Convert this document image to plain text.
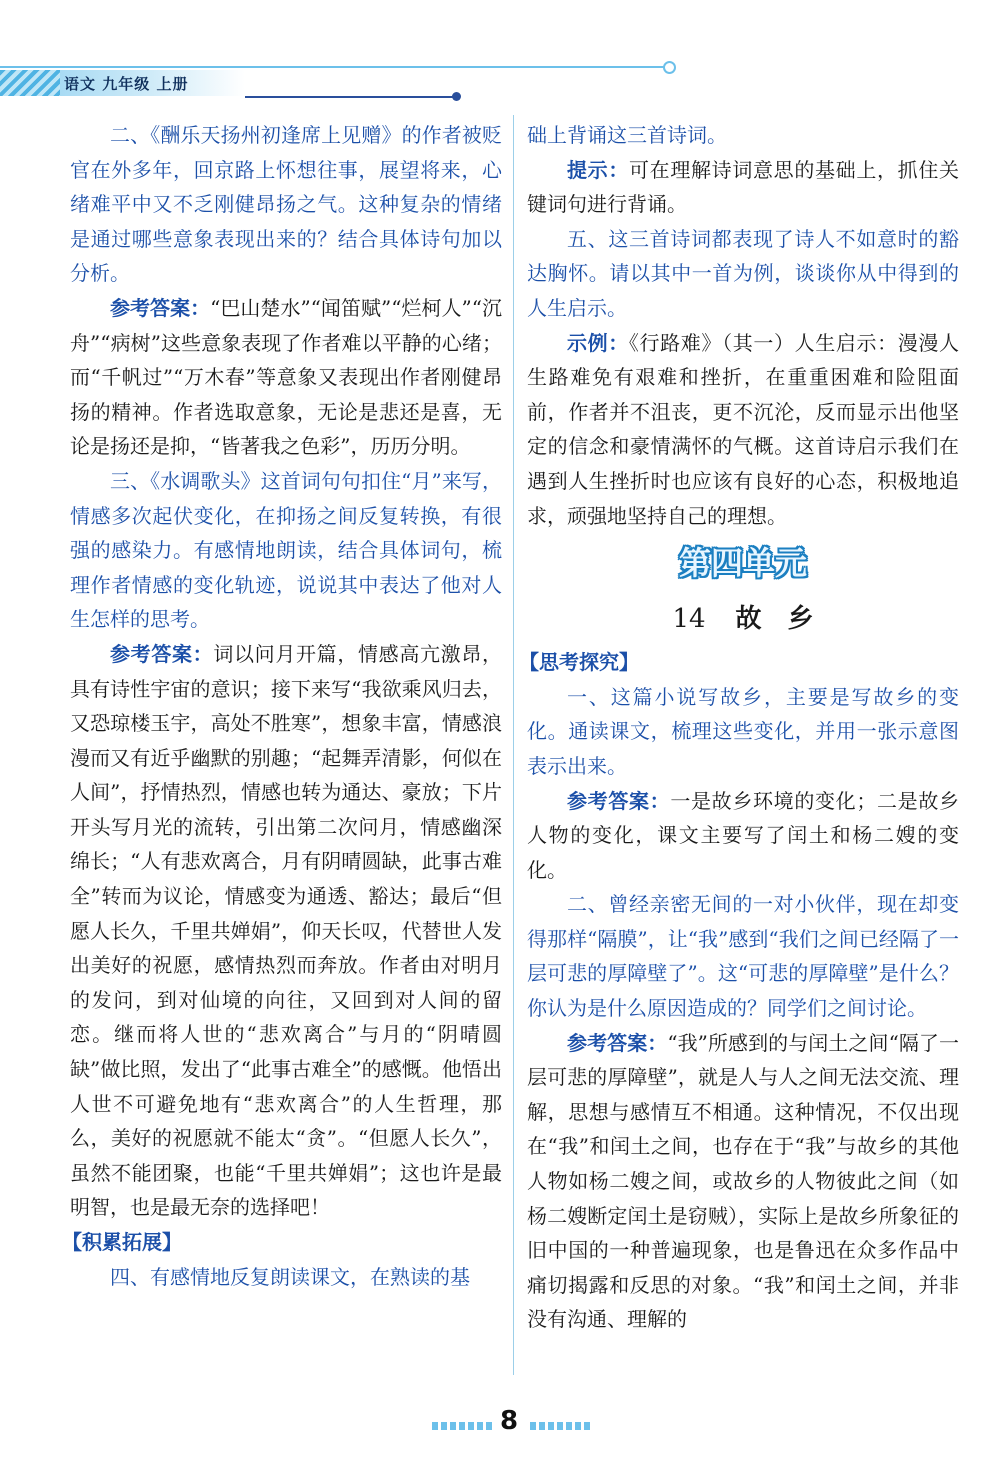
语文 九年级 上册

二、《酬乐天扬州初逢席上见赠》的作者被贬官在外多年，回京路上怀想往事，展望将来，心绪难平中又不乏刚健昂扬之气。这种复杂的情绪是通过哪些意象表现出来的？结合具体诗句加以分析。

参考答案：“巴山楚水”“闻笛赋”“烂柯人”“沉舟”“病树”这些意象表现了作者难以平静的心绪；而“千帆过”“万木春”等意象又表现出作者刚健昂扬的精神。作者选取意象，无论是悲还是喜，无论是扬还是抑，“皆著我之色彩”，历历分明。

三、《水调歌头》这首词句句扣住“月”来写，情感多次起伏变化，在抑扬之间反复转换，有很强的感染力。有感情地朗读，结合具体词句，梳理作者情感的变化轨迹，说说其中表达了他对人生怎样的思考。

参考答案：词以问月开篇，情感高亢激昂，具有诗性宇宙的意识；接下来写“我欲乘风归去，又恐琼楼玉宇，高处不胜寒”，想象丰富，情感浪漫而又有近乎幽默的别趣；“起舞弄清影，何似在人间”，抒情热烈，情感也转为通达、豪放；下片开头写月光的流转，引出第二次问月，情感幽深绵长；“人有悲欢离合，月有阴晴圆缺，此事古难全”转而为议论，情感变为通透、豁达；最后“但愿人长久，千里共婵娟”，仰天长叹，代替世人发出美好的祝愿，感情热烈而奔放。作者由对明月的发问，到对仙境的向往，又回到对人间的留恋。继而将人世的“悲欢离合”与月的“阴晴圆缺”做比照，发出了“此事古难全”的感慨。他悟出人世不可避免地有“悲欢离合”的人生哲理，那么，美好的祝愿就不能太“贪”。“但愿人长久”，虽然不能团聚，也能“千里共婵娟”；这也许是最明智，也是最无奈的选择吧！

【积累拓展】

四、有感情地反复朗读课文，在熟读的基

础上背诵这三首诗词。

提示：可在理解诗词意思的基础上，抓住关键词句进行背诵。

五、这三首诗词都表现了诗人不如意时的豁达胸怀。请以其中一首为例，谈谈你从中得到的人生启示。

示例：《行路难》（其一）人生启示：漫漫人生路难免有艰难和挫折，在重重困难和险阻面前，作者并不沮丧，更不沉沦，反而显示出他坚定的信念和豪情满怀的气概。这首诗启示我们在遇到人生挫折时也应该有良好的心态，积极地追求，顽强地坚持自己的理想。

第四单元
14 故　乡

【思考探究】

一、这篇小说写故乡，主要是写故乡的变化。通读课文，梳理这些变化，并用一张示意图表示出来。

参考答案：一是故乡环境的变化；二是故乡人物的变化，课文主要写了闰土和杨二嫂的变化。

二、曾经亲密无间的一对小伙伴，现在却变得那样“隔膜”，让“我”感到“我们之间已经隔了一层可悲的厚障壁了”。这“可悲的厚障壁”是什么？你认为是什么原因造成的？同学们之间讨论。

参考答案：“我”所感到的与闰土之间“隔了一层可悲的厚障壁”，就是人与人之间无法交流、理解，思想与感情互不相通。这种情况，不仅出现在“我”和闰土之间，也存在于“我”与故乡的其他人物如杨二嫂之间，或故乡的人物彼此之间（如杨二嫂断定闰土是窃贼），实际上是故乡所象征的旧中国的一种普遍现象，也是鲁迅在众多作品中痛切揭露和反思的对象。“我”和闰土之间，并非没有沟通、理解的

8
